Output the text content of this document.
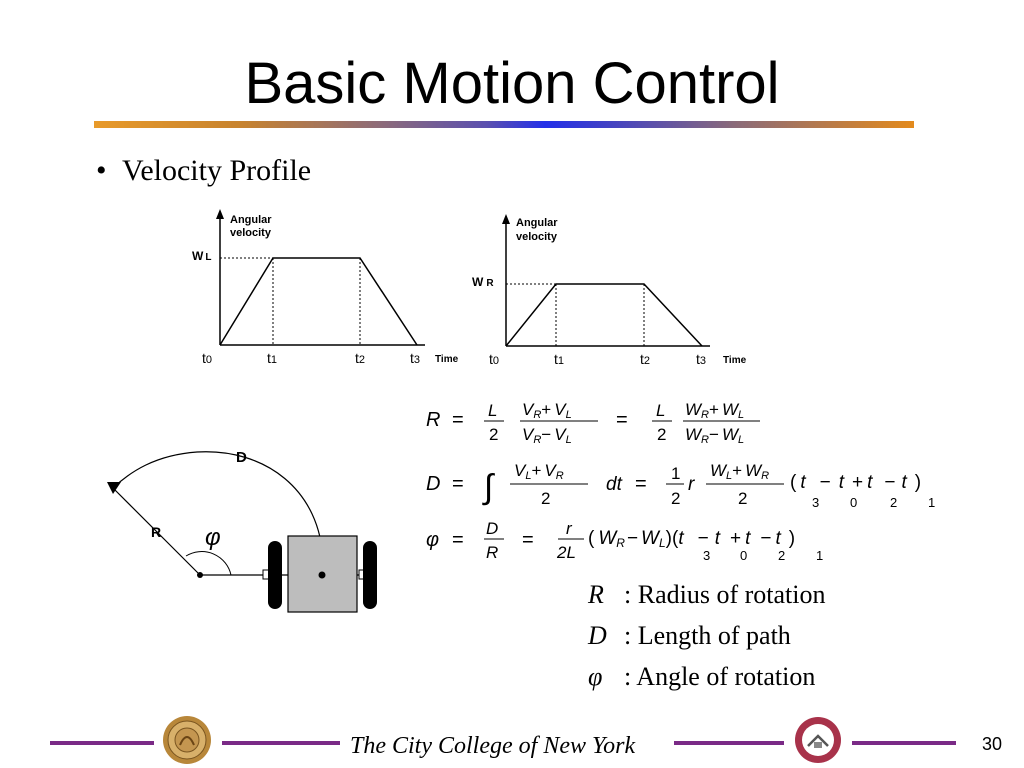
Basic Motion Control
• Velocity Profile
Angular
velocity
W L
t0	t1	t2	t3 Time
Angular
velocity
W R
t0	t1	t2	t3 Time
D
R φ
R = L
2
VR+ VL
VR− VL
= L
2
WR+ WL
WR− WL
D = ∫ VL+ VR
2
dt = 1
2
r
WL+ WR
2
( t − t + t − t )
3 0	2 1
φ =
D
R
=
r
2L
( WR − WL)(t − t + t − t )
3 0 2 1
R : Radius of rotation
D : Length of path
φ : Angle of rotation
The City College of New York	30
